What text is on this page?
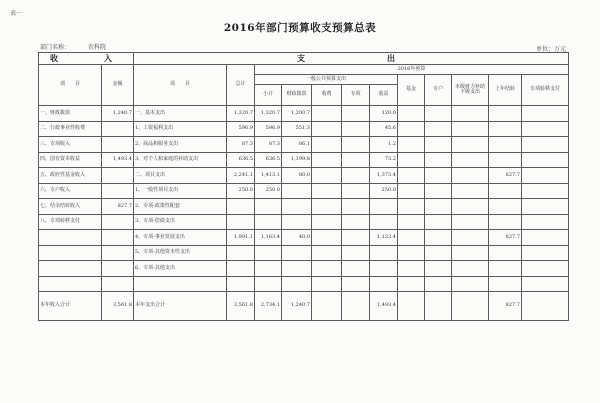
表一
2016年部门预算收支预算总表
部门名称：	农科院	单位：万元
收　　入		支　　　　出											
项　　目	金额	项　　目	总计	2016年预算									
				一般公共预算支出					基金	专户	本级财力补助下级支出	上年结转	专项转移支付
				小计	财政拨款	收费	专项	收益					
一、财政拨款	1,240.7	一、基本支出	1,320.7	1,320.7	1,200.7			120.0					
二、行政事业性收费		1、工资福利支出	596.9	596.9	551.3			45.6					
三、专项收入		2、商品和服务支出	87.3	87.3	86.1			1.2					
四、国有资本收益	1,493.4	3、对个人和家庭的补助支出	636.5	636.5	1,199.8			73.2					
五、政府性基金收入		二、项目支出	2,241.1	1,413.1	80.0			1,373.4				827.7	
六、专户收入		1、一般性项目支出	250.0	250.0				250.0					
七、结余结转收入	827.7	2、专项-政策性配套											
八、专项转移支付		3、专项-偿债支出											
		4、专项-事业发展支出	1,991.1	1,163.4	40.0			1,123.4				827.7	
		5、专项-其他资本性支出											
		6、专项-其他支出											

本年收入合计	3,561.8	本年支出合计	3,561.8	2,734.1	1,240.7			1,493.4				827.7	
